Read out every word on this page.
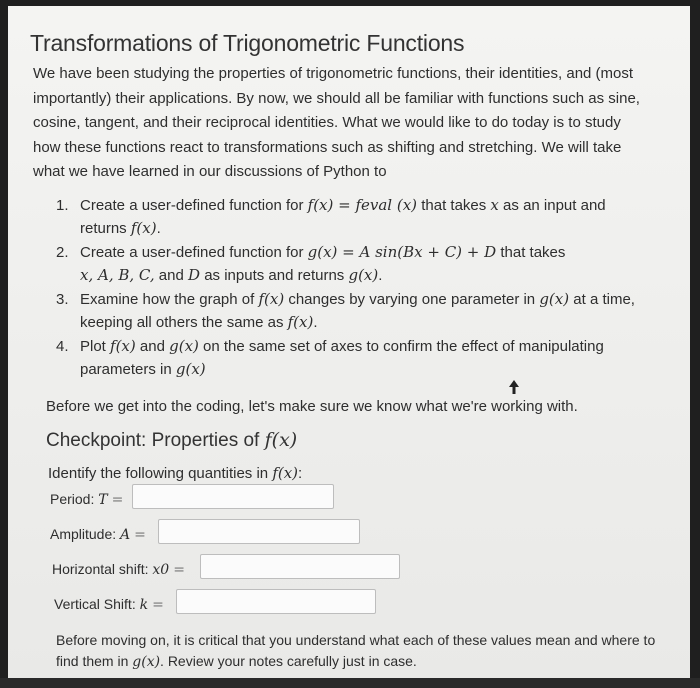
Transformations of Trigonometric Functions
We have been studying the properties of trigonometric functions, their identities, and (most importantly) their applications. By now, we should all be familiar with functions such as sine, cosine, tangent, and their reciprocal identities. What we would like to do today is to study how these functions react to transformations such as shifting and stretching. We will take what we have learned in our discussions of Python to
1. Create a user-defined function for f(x) = feval (x) that takes x as an input and
returns f(x).
2. Create a user-defined function for g(x) = A sin(Bx + C) + D that takes
x, A, B, C, and D as inputs and returns g(x).
3. Examine how the graph of f(x) changes by varying one parameter in g(x) at a time,
keeping all others the same as f(x).
4. Plot f(x) and g(x) on the same set of axes to confirm the effect of manipulating
parameters in g(x)
Before we get into the coding, let's make sure we know what we're working with.
Checkpoint: Properties of f(x)
Identify the following quantities in f(x):
Period: T =
Amplitude: A =
Horizontal shift: x0 =
Vertical Shift: k =
Before moving on, it is critical that you understand what each of these values mean and where to find them in g(x). Review your notes carefully just in case.
